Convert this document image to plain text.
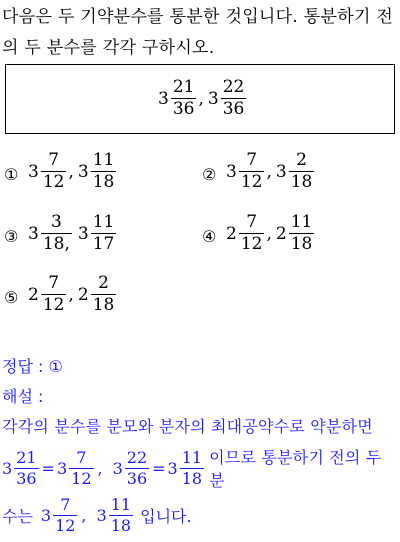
다음은 두 기약분수를 통분한 것입니다. 통분하기 전의 두 분수를 각각 구하시오.
$3 \frac{21}{36}$ , $3 \frac{22}{36}$
① $3 \frac{7}{12}$ , $3 \frac{11}{18}$	② $3 \frac{7}{12}$ , $3 \frac{2}{18}$
③ $3 \frac{3}{18,} 3 \frac{11}{17}$	④ $2 \frac{7}{12}$ , $2 \frac{11}{18}$
⑤ $2 \frac{7}{12}$ , $2 \frac{2}{18}$
정답 : ①
해설 :
각각의 분수를 분모와 분자의 최대공약수로 약분하면
$3 \frac{21}{36} = 3 \frac{7}{12}$ , $3 \frac{22}{36} = 3 \frac{11}{18}$ 이므로 통분하기 전의 두 분
수는 $3 \frac{7}{12}$ , $3 \frac{11}{18}$ 입니다.
